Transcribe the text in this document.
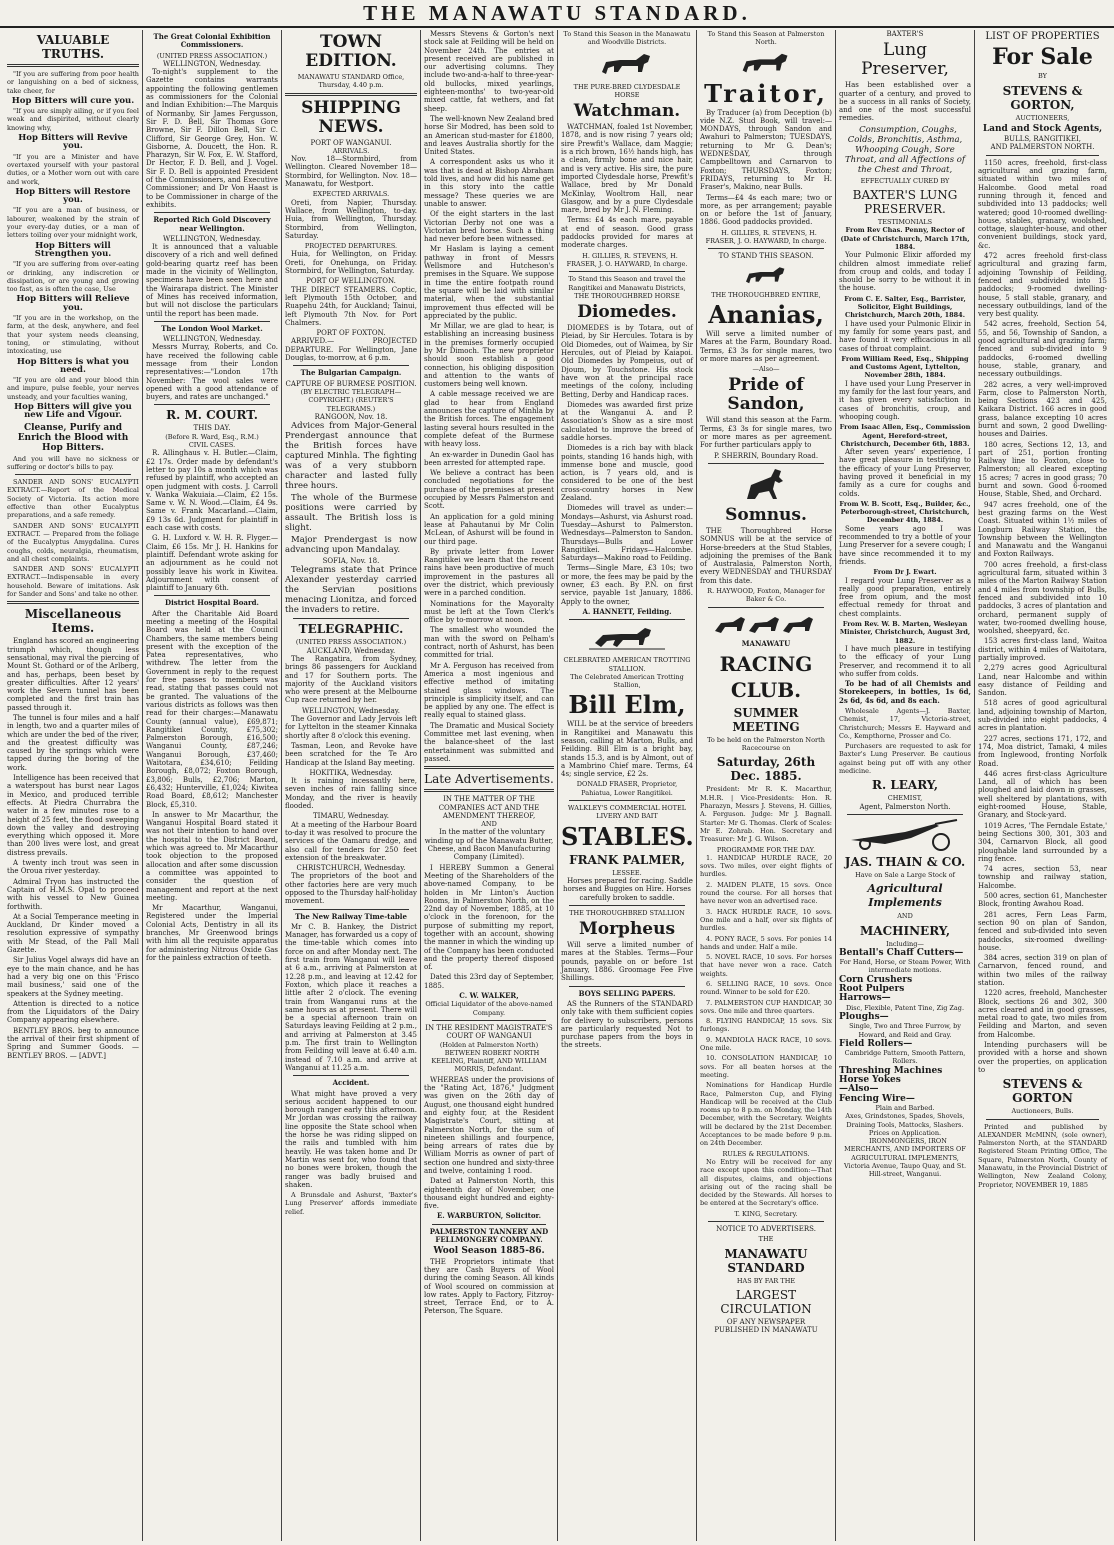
THE MANAWATU STANDARD.
VALUABLE TRUTHS.

"If you are suffering from poor health or languishing on a bed of sickness, take cheer, for

Hop Bitters will cure you.

"If you are simply ailing, or if you feel weak and dispirited, without clearly knowing why,

Hop Bitters will Revive you.

"If you are a Minister and have overtaxed yourself with your pastoral duties, or a Mother worn out with care and work,

Hop Bitters will Restore you.

"If you are a man of business, or labourer, weakened by the strain of your every-day duties, or a man of letters toiling over your midnight work,

Hop Bitters will Strengthen you.

"If you are suffering from over-eating or drinking, any indiscretion or dissipation, or are young and growing too fast, as is often the case, Use

Hop Bitters will Relieve you.

"If you are in the workshop, on the farm, at the desk, anywhere, and feel that your system needs cleansing, toning, or stimulating, without intoxicating, use

Hop Bitters is what you need.

"If you are old and your blood thin and impure, pulse feeble, your nerves unsteady, and your faculties waning,

Hop Bitters will give you new Life and Vigour.

Cleanse, Purify and Enrich the Blood with Hop Bitters.

And you will have no sickness or suffering or doctor's bills to pay.

SANDER AND SONS' EUCALYPTI EXTRACT.—Report of the Medical Society of Victoria. Its action more effective than other Eucalyptus preparations, and a safe remedy.

SANDER AND SONS' EUCALYPTI EXTRACT. — Prepared from the foliage of the Eucalyptus Amygdalina. Cures coughs, colds, neuralgia, rheumatism, and all chest complaints.

SANDER AND SONS' EUCALYPTI EXTRACT.—Indispensable in every household. Beware of imitations. Ask for Sander and Sons' and take no other.

Miscellaneous Items.

England has scored an engineering triumph which, though less sensational, may rival the piercing of Mount St. Gothard or of the Arlberg, and has, perhaps, been beset by greater difficulties. After 12 years' work the Severn tunnel has been completed and the first train has passed through it.

The tunnel is four miles and a half in length, two and a quarter miles of which are under the bed of the river, and the greatest difficulty was caused by the springs which were tapped during the boring of the work.

Intelligence has been received that a waterspout has burst near Lagos in Mexico, and produced terrible effects. At Piedra Churrabra the water in a few minutes rose to a height of 25 feet, the flood sweeping down the valley and destroying everything which opposed it. More than 200 lives were lost, and great distress prevails.

A twenty inch trout was seen in the Oroua river yesterday.

Admiral Tryon has instructed the Captain of H.M.S. Opal to proceed with his vessel to New Guinea forthwith.

At a Social Temperance meeting in Auckland, Dr Kinder moved a resolution expressive of sympathy with Mr Stead, of the Pall Mall Gazette.

Sir Julius Vogel always did have an eye to the main chance, and he has had a very big one on this 'Frisco mail business,' said one of the speakers at the Sydney meeting.

Attention is directed to a notice from the Liquidators of the Dairy Company appearing elsewhere.

BENTLEY BROS. beg to announce the arrival of their first shipment of Spring and Summer Goods. — BENTLEY BROS. — [ADVT.]

The Great Colonial Exhibition Commissioners.
(UNITED PRESS ASSOCIATION.)
WELLINGTON, Wednesday.

To-night's supplement to the Gazette contains warrants appointing the following gentlemen as commissioners for the Colonial and Indian Exhibition:—The Marquis of Normanby, Sir James Fergusson, Sir F. D. Bell, Sir Thomas Gore Browne, Sir F. Dillon Bell, Sir C. Clifford, Sir George Grey, Hon. W. Gisborne, A. Doucett, the Hon. R. Pharazyn, Sir W. Fox, E. W. Stafford, Dr Hector, F. D. Bell, and J. Vogel. Sir F. D. Bell is appointed President of the Commissioners, and Executive Commissioner; and Dr Von Haast is to be Commissioner in charge of the exhibits.

Reported Rich Gold Discovery near Wellington.
WELLINGTON, Wednesday.

It is announced that a valuable discovery of a rich and well defined gold-bearing quartz reef has been made in the vicinity of Wellington, specimens have been seen here and the Wairarapa district. The Minister of Mines has received information, but will not disclose the particulars until the report has been made.

The London Wool Market.
WELLINGTON, Wednesday.

Messrs Murray, Roberts, and Co. have received the following cable message from their London representatives:—"London 17th November: The wool sales were opened with a good attendance of buyers, and rates are unchanged."

R. M. COURT.
THIS DAY.
(Before R. Ward, Esq., R.M.)
CIVIL CASES.

R. Allinghaus v. H. Butler.—Claim, £2 17s. Order made by defendant's letter to pay 10s a month which was refused by plaintiff, who accepted an open judgment with costs. J. Carroll v. Wanka Wakuiaia.—Claim, £2 15s. Same v. W. N. Wood.—Claim, £4 9s. Same v. Frank Macarland.—Claim, £9 13s 6d. Judgment for plaintiff in each case with costs.

G. H. Luxford v. W. H. R. Flyger.—Claim, £6 15s. Mr J. H. Hankins for plaintiff. Defendant wrote asking for an adjournment as he could not possibly leave his work in Kiwitea. Adjournment with consent of plaintiff to January 6th.

District Hospital Board.

After the Charitable Aid Board meeting a meeting of the Hospital Board was held at the Council Chambers, the same members being present with the exception of the Patea representatives, who withdrew. The letter from the Government in reply to the request for free passes to members was read, stating that passes could not be granted. The valuations of the various districts as follows was then read for their charges:—Manawatu County (annual value), £69,871; Rangitikei County, £75,302; Palmerston Borough, £16,500; Wanganui County, £87,246; Wanganui Borough, £37,460; Waitotara, £34,610; Feilding Borough, £8,072; Foxton Borough, £3,806; Bulls, £2,706; Marton, £6,432; Hunterville, £1,024; Kiwitea Road Board, £8,612; Manchester Block, £5,310.

In answer to Mr Macarthur, the Wanganui Hospital Board stated it was not their intention to hand over the hospital to the District Board, which was agreed to. Mr Macarthur took objection to the proposed allocation and after some discussion a committee was appointed to consider the question of management and report at the next meeting.

Mr Macarthur, Wanganui, Registered under the Imperial Colonial Acts, Dentistry in all its branches, Mr Greenwood brings with him all the requisite apparatus for administering Nitrous Oxide Gas for the painless extraction of teeth.

TOWN EDITION.
MANAWATU STANDARD Office, Thursday, 4.40 p.m.
SHIPPING NEWS.
PORT OF WANGANUI.
ARRIVALS.

Nov. 18—Stormbird, from Wellington. Cleared November 18—Stormbird, for Wellington. Nov. 18—Manawatu, for Westport.

EXPECTED ARRIVALS.

Oreti, from Napier, Thursday. Wallace, from Wellington, to-day. Huia, from Wellington, Thursday. Stormbird, from Wellington, Saturday.

PROJECTED DEPARTURES.

Huia, for Wellington, on Friday. Oreti, for Onehunga, on Friday. Stormbird, for Wellington, Saturday.

PORT OF WELLINGTON.

THE DIRECT STEAMERS. Coptic, left Plymouth 15th October, and Ruapehu 24th, for Auckland; Tainui, left Plymouth 7th Nov. for Port Chalmers.

PORT OF FOXTON.

ARRIVED.— PROJECTED DEPARTURE. For Wellington, Jane Douglas, to-morrow, at 6 p.m.

The Bulgarian Campaign.
CAPTURE OF BURMESE POSITION.
(BY ELECTRIC TELEGRAPH—COPYRIGHT.) (REUTER'S TELEGRAMS.)
RANGOON, Nov. 18.

Advices from Major-General Prendergast announce that the British forces have captured Minhla. The fighting was of a very stubborn character and lasted fully three hours.

The whole of the Burmese positions were carried by assault. The British loss is slight.

Major Prendergast is now advancing upon Mandalay.

SOFIA, Nov. 18.

Telegrams state that Prince Alexander yesterday carried the Servian positions menacing Lionitza, and forced the invaders to retire.

TELEGRAPHIC.
(UNITED PRESS ASSOCIATION.)
AUCKLAND, Wednesday.

The Rangatira, from Sydney, brings 86 passengers for Auckland and 17 for Southern ports. The majority of the Auckland visitors who were present at the Melbourne Cup race returned by her.

WELLINGTON, Wednesday.

The Governor and Lady Jervois left for Lyttelton in the steamer Kinnaka shortly after 8 o'clock this evening.

Tasman, Leon, and Revoke have been scratched for the Te Aro Handicap at the Island Bay meeting.

HOKITIKA, Wednesday.

It is raining incessantly here, seven inches of rain falling since Monday, and the river is heavily flooded.

TIMARU, Wednesday.

At a meeting of the Harbour Board to-day it was resolved to procure the services of the Oamaru dredge, and also call for tenders for 250 feet extension of the breakwater.

CHRISTCHURCH, Wednesday.

The proprietors of the boot and other factories here are very much opposed to the Thursday half-holiday movement.

The New Railway Time-table

Mr C. B. Hankey, the District Manager, has forwarded us a copy of the time-table which comes into force on and after Monday next. The first train from Wanganui will leave at 6 a.m., arriving at Palmerston at 12.28 p.m., and leaving at 12.42 for Foxton, which place it reaches a little after 2 o'clock. The evening train from Wanganui runs at the same hours as at present. There will be a special afternoon train on Saturdays leaving Feilding at 2 p.m., and arriving at Palmerston at 3.45 p.m. The first train to Wellington from Feilding will leave at 6.40 a.m. instead of 7.10 a.m. and arrive at Wanganui at 11.25 a.m.

Accident.

What might have proved a very serious accident happened to our borough ranger early this afternoon. Mr Jordan was crossing the railway line opposite the State school when the horse he was riding slipped on the rails and tumbled with him heavily. He was taken home and Dr Martin was sent for, who found that no bones were broken, though the ranger was badly bruised and shaken.

A Brunsdale and Ashurst, 'Baxter's Lung Preserver' affords immediate relief.

Messrs Stevens & Gorton's next stock sale at Feilding will be held on November 24th. The entries at present received are published in our advertising columns. They include two-and-a-half to three-year-old bullocks, mixed yearlings, eighteen-months' to two-year-old mixed cattle, fat wethers, and fat sheep.

The well-known New Zealand bred horse Sir Modred, has been sold to an American stud-master for £1800, and leaves Australia shortly for the United States.

A correspondent asks us who it was that is dead at Bishop Abraham told lives, and how did his name get in this story into the cattle message? These queries we are unable to answer.

Of the eight starters in the last Victorian Derby not one was a Victorian bred horse. Such a thing had never before been witnessed.

Mr Haslam is laying a cement pathway in front of Messrs Wellsmore and Hutcheson's premises in the Square. We suppose in time the entire footpath round the square will be laid with similar material, when the substantial improvement thus effected will be appreciated by the public.

Mr Millar, we are glad to hear, is establishing an increasing business in the premises formerly occupied by Mr Dimoch. The new proprietor should soon establish a good connection, his obliging disposition and attention to the wants of customers being well known.

A cable message received we are glad to hear from England announces the capture of Minhla by the British forces. The engagement lasting several hours resulted in the complete defeat of the Burmese with heavy loss.

An ex-warder in Dunedin Gaol has been arrested for attempted rape.

We believe a contract has been concluded negotiations for the purchase of the premises at present occupied by Messrs Palmerston and Scott.

An application for a gold mining lease at Pahautanui by Mr Colin McLean, of Ashurst will be found in our third page.

By private letter from Lower Rangitikei we learn that the recent rains have been productive of much improvement in the pastures all over the district, which previously were in a parched condition.

Nominations for the Mayoralty must be left at the Town Clerk's office by to-morrow at noon.

The smallest who wounded the man with the sword on Pelham's contract, north of Ashurst, has been committed for trial.

Mr A. Ferguson has received from America a most ingenious and effective method of imitating stained glass windows. The principle is simplicity itself, and can be applied by any one. The effect is really equal to stained glass.

The Dramatic and Musical Society Committee met last evening, when the balance-sheet of the last entertainment was submitted and passed.

Late Advertisements.
IN THE MATTER OF THE COMPANIES ACT AND THE AMENDMENT THEREOF,
AND

In the matter of the voluntary winding up of the Manawatu Butter, Cheese, and Bacon Manufacturing Company (Limited).

I HEREBY Summon a General Meeting of the Shareholders of the above-named Company, to be holden in Mr Linton's Auction Rooms, in Palmerston North, on the 22nd day of November, 1885, at 10 o'clock in the forenoon, for the purpose of submitting my report, together with an account, showing the manner in which the winding up of the Company has been conducted and the property thereof disposed of.

Dated this 23rd day of September, 1885.

C. W. WALKER,
Official Liquidator of the above-named Company.
IN THE RESIDENT MAGISTRATE'S COURT OF WANGANUI
(Holden at Palmerston North)

BETWEEN ROBERT NORTH KEELING, Plaintiff, AND WILLIAM MORRIS, Defendant.

WHEREAS under the provisions of the "Rating Act, 1876," Judgment was given on the 26th day of August, one thousand eight hundred and eighty four, at the Resident Magistrate's Court, sitting at Palmerston North, for the sum of nineteen shillings and fourpence, being arrears of rates due by William Morris as owner of part of section one hundred and sixty-three and twelve, containing 1 rood.

Dated at Palmerston North, this eighteenth day of November, one thousand eight hundred and eighty-five.

E. WARBURTON, Solicitor.
PALMERSTON TANNERY AND FELLMONGERY COMPANY.
Wool Season 1885-86.

THE Proprietors intimate that they are Cash Buyers of Wool during the coming Season. All kinds of Wool scoured on commission at low rates. Apply to Factory, Fitzroy-street, Terrace End, or to A. Peterson, The Square.

To Stand this Season in the Manawatu and Woodville Districts.
THE PURE-BRED CLYDESDALE HORSE
Watchman.

WATCHMAN, foaled 1st November, 1878, and is now rising 7 years old; sire Prewfit's Wallace, dam Maggie; is a rich brown, 16½ hands high, has a clean, firmly bone and nice hair, and is very active. His sire, the pure imported Clydesdale horse, Prewfit's Wallace, bred by Mr Donald McKinlay, Wooltrom Hall, near Glasgow, and by a pure Clydesdale mare, bred by Mr J. N. Fleming.

Terms: £4 4s each mare, payable at end of season. Good grass paddocks provided for mares at moderate charges.

H. GILLIES, R. STEVENS, H. FRASER, J. O. HAYWARD, In charge.

To Stand this Season and travel the Rangitikei and Manawatu Districts,
THE THOROUGHBRED HORSE
Diomedes.

DIOMEDES is by Totara, out of Pleiad, by Sir Hercules. Totara is by Old Diomedes, out of Waimea, by Sir Hercules, out of Pleiad by Kaiapoi. Old Diomedes by Pompeius, out of Djoum, by Touchstone. His stock have won at the principal race meetings of the colony, including Betting, Derby and Handicap races.

Diomedes was awarded first prize at the Wanganui A. and P. Association's Show as a sire most calculated to improve the breed of saddle horses.

Diomedes is a rich bay with black points, standing 16 hands high, with immense bone and muscle, good action, is 7 years old, and is considered to be one of the best cross-country horses in New Zealand.

Diomedes will travel as under:— Mondays—Ashurst, via Ashurst road. Tuesday—Ashurst to Palmerston. Wednesdays—Palmerston to Sandon. Thursdays—Bulls and Lower Rangitikei. Fridays—Halcombe. Saturdays—Makino road to Feilding.

Terms—Single Mare, £3 10s; two or more, the fees may be paid by the owner, £3 each. By P.N. on first service, payable 1st January, 1886. Apply to the owner,

A. HANNETT, Feilding.
CELEBRATED AMERICAN TROTTING STALLION.
The Celebrated American Trotting Stallion,
Bill Elm,

WILL be at the service of breeders in Rangitikei and Manawatu this season, calling at Marton, Bulls, and Feilding. Bill Elm is a bright bay, stands 15.3, and is by Almont, out of a Mambrino Chief mare. Terms, £4 4s; single service, £2 2s.

DONALD FRASER, Proprietor, Pahiatua, Lower Rangitikei.
WALKLEY'S COMMERCIAL HOTEL LIVERY AND BAIT
STABLES.
FRANK PALMER,
LESSEE.

Horses prepared for racing. Saddle horses and Buggies on Hire. Horses carefully broken to saddle.

THE THOROUGHBRED STALLION
Morpheus

Will serve a limited number of mares at the Stables. Terms—Four pounds, payable on or before 1st January, 1886. Groomage Fee Five Shillings.

BOYS SELLING PAPERS.

AS the Runners of the STANDARD only take with them sufficient copies for delivery to subscribers, persons are particularly requested Not to purchase papers from the boys in the streets.

To Stand this Season at Palmerston North.
Traitor,

By Traducer (a) from Deception (b) vide N.Z. Stud Book, will travel:—MONDAYS, through Sandon and Awahuri to Palmerston; TUESDAYS, returning to Mr G. Dean's; WEDNESDAY, through Campbelltown and Carnarvon to Foxton; THURSDAYS, Foxton; FRIDAYS, returning to Mr H. Fraser's, Makino, near Bulls.

Terms—£4 4s each mare; two or more, as per arrangement; payable on or before the 1st of January, 1886. Good paddocks provided.

H. GILLIES, R. STEVENS, H. FRASER, J. O. HAYWARD, In charge.

TO STAND THIS SEASON.
THE THOROUGHBRED ENTIRE,
Ananias,

Will serve a limited number of Mares at the Farm, Boundary Road. Terms, £3 3s for single mares, two or more mares as per agreement.

—Also—
Pride of Sandon,

Will stand this season at the Farm. Terms, £3 3s for single mares, two or more mares as per agreement. For further particulars apply to

P. SHERRIN, Boundary Road.
Somnus.

THE Thoroughbred Horse SOMNUS will be at the service of Horse-breeders at the Stud Stables, adjoining the premises of the Bank of Australasia, Palmerston North, every WEDNESDAY and THURSDAY from this date.

R. HAYWOOD, Foxton, Manager for Baker & Co.
MANAWATU
RACING CLUB.
SUMMER MEETING
To be held on the Palmerston North Racecourse on
Saturday, 26th Dec. 1885.

President: Mr R. K. Macarthur, M.H.R. | Vice-Presidents: Hon. R. Pharazyn, Messrs J. Stevens, H. Gillies, A. Ferguson. Judge: Mr J. Bagnall. Starter: Mr G. Thomas. Clerk of Scales: Mr E. Zohrab. Hon. Secretary and Treasurer: Mr J. G. Wilson.

PROGRAMME FOR THE DAY.

1. HANDICAP HURDLE RACE, 20 sovs. Two miles, over eight flights of hurdles.

2. MAIDEN PLATE, 15 sovs. Once round the course. For all horses that have never won an advertised race.

3. HACK HURDLE RACE, 10 sovs. One mile and a half, over six flights of hurdles.

4. PONY RACE, 5 sovs. For ponies 14 hands and under. Half a mile.

5. NOVEL RACE, 10 sovs. For horses that have never won a race. Catch weights.

6. SELLING RACE, 10 sovs. Once round. Winner to be sold for £20.

7. PALMERSTON CUP HANDICAP, 30 sovs. One mile and three quarters.

8. FLYING HANDICAP, 15 sovs. Six furlongs.

9. MANDIOLA HACK RACE, 10 sovs. One mile.

10. CONSOLATION HANDICAP, 10 sovs. For all beaten horses at the meeting.

Nominations for Handicap Hurdle Race, Palmerston Cup, and Flying Handicap will be received at the Club rooms up to 8 p.m. on Monday, the 14th December, with the Secretary. Weights will be declared by the 21st December. Acceptances to be made before 9 p.m. on 24th December.

RULES & REGULATIONS.

No Entry will be received for any race except upon this condition:—That all disputes, claims, and objections arising out of the racing shall be decided by the Stewards. All horses to be entered at the Secretary's office.

T. KING, Secretary.
NOTICE TO ADVERTISERS.
THE
MANAWATU STANDARD
HAS BY FAR THE
LARGEST CIRCULATION
OF ANY NEWSPAPER
PUBLISHED IN MANAWATU
BAXTER'S
Lung Preserver,

Has been established over a quarter of a century, and proved to be a success in all ranks of Society, and one of the most successful remedies.

Consumption, Coughs, Colds, Bronchitis, Asthma, Whooping Cough, Sore Throat, and all Affections of the Chest and Throat,

EFFECTUALLY CURED BY
BAXTER'S LUNG PRESERVER.
TESTIMONIALS
From Rev Chas. Penny, Rector of (Date of Christchurch, March 17th, 1884.

Your Pulmonic Elixir afforded my children almost immediate relief from croup and colds, and today I should be sorry to be without it in the house.

From C. E. Salter, Esq., Barrister, Solicitor, Eight Buildings, Christchurch, March 20th, 1884.

I have used your Pulmonic Elixir in my family for some years past, and have found it very efficacious in all cases of throat complaint.

From William Reed, Esq., Shipping and Customs Agent, Lyttelton, November 28th, 1884.

I have used your Lung Preserver in my family for the last four years, and it has given every satisfaction in cases of bronchitis, croup, and whooping cough.

From Isaac Allen, Esq., Commission Agent, Hereford-street, Christchurch, December 6th, 1883.

After seven years' experience, I have great pleasure in testifying to the efficacy of your Lung Preserver, having proved it beneficial in my family as a cure for coughs and colds.

From W. B. Scott, Esq., Builder, &c., Peterborough-street, Christchurch, December 4th, 1884.

Some years ago I was recommended to try a bottle of your Lung Preserver for a severe cough; I have since recommended it to my friends.

From Dr J. Ewart.

I regard your Lung Preserver as a really good preparation, entirely free from opium, and the most effectual remedy for throat and chest complaints.

From Rev. W. B. Marten, Wesleyan Minister, Christchurch, August 3rd, 1882.

I have much pleasure in testifying to the efficacy of your Lung Preserver, and recommend it to all who suffer from colds.

To be had of all Chemists and Storekeepers, in bottles, 1s 6d, 2s 6d, 4s 6d, and 8s each.

Wholesale Agents—J. Baxter, Chemist, 17, Victoria-street, Christchurch; Messrs E. Hayward and Co., Kempthorne, Prosser and Co.

Purchasers are requested to ask for Baxter's Lung Preserver. Be cautious against being put off with any other medicine.

R. LEARY,
CHEMIST,
Agent, Palmerston North.
JAS. THAIN & CO.
Have on Sale a Large Stock of
Agricultural Implements
AND
MACHINERY,
Including—
Bentall's Chaff Cutters—
For Hand, Horse, or Steam Power, With intermediate motions.
Corn Crushers
Root Pulpers
Harrows—
Disc, Flexible, Patent Tine, Zig Zag.
Ploughs—
Single, Two and Three Furrow, by Howard, and Reid and Gray.
Field Rollers—
Cambridge Pattern, Smooth Pattern, Rollers.
Threshing Machines
Horse Yokes
—Also—
Fencing Wire—
Plain and Barbed.
Axes, Grindstones, Spades, Shovels, Draining Tools, Mattocks, Slashers.
Prices on Application.

IRONMONGERS, IRON MERCHANTS, AND IMPORTERS OF AGRICULTURAL IMPLEMENTS, Victoria Avenue, Taupo Quay, and St. Hill-street, Wanganui.

LIST OF PROPERTIES
For Sale
BY
STEVENS & GORTON,
AUCTIONEERS,
Land and Stock Agents,
BULLS, RANGITIKEI,
AND PALMERSTON NORTH.

1150 acres, freehold, first-class agricultural and grazing farm, situated within two miles of Halcombe. Good metal road running through it, fenced and subdivided into 13 paddocks; well watered; good 10-roomed dwelling-house, stables, granary, woolshed, cottage, slaughter-house, and other convenient buildings, stock yard, &c.

472 acres freehold first-class agricultural and grazing farm, adjoining Township of Feilding, fenced and subdivided into 15 paddocks; 9-roomed dwelling-house, 5 stall stable, granary, and necessary outbuildings, land of the very best quality.

542 acres, freehold, Section 54, 55, and 56, Township of Sandon, a good agricultural and grazing farm; fenced and sub-divided into 9 paddocks, 6-roomed dwelling house, stable, granary, and necessary outbuildings.

282 acres, a very well-improved Farm, close to Palmerston North, being Sections 423 and 425, Kaikara District. 166 acres in good grass, balance excepting 10 acres burnt and sown, 2 good Dwelling-houses and Dairies.

180 acres, Sections 12, 13, and part of 251, portion fronting Railway line to Foxton, close to Palmerston; all cleared excepting 15 acres; 7 acres in good grass; 70 burnt and sown. Good 6-roomed House, Stable, Shed, and Orchard.

947 acres freehold, one of the best grazing farms on the West Coast. Situated within 1½ miles of Longburn Railway Station, the Township between the Wellington and Manawatu and the Wanganui and Foxton Railways.

700 acres freehold, a first-class agricultural farm, situated within 3 miles of the Marton Railway Station and 4 miles from township of Bulls, fenced and subdivided into 10 paddocks, 3 acres of plantation and orchard, permanent supply of water, two-roomed dwelling house, woolshed, sheepyard, &c.

153 acres first-class land, Waitoa district, within 4 miles of Waitotara, partially improved.

2,279 acres good Agricultural Land, near Halcombe and within easy distance of Feilding and Sandon.

518 acres of good agricultural land, adjoining township of Marton, sub-divided into eight paddocks, 4 acres in plantation.

227 acres, sections 171, 172, and 174, Moa district, Tamaki, 4 miles from Inglewood, fronting Norfolk Road.

446 acres first-class Agriculture Land, all of which has been ploughed and laid down in grasses, well sheltered by plantations, with eight-roomed House, Stable, Granary, and Stock-yard.

1019 Acres, 'The Ferndale Estate,' being Sections 300, 301, 303 and 304, Carnarvon Block, all good ploughable land surrounded by a ring fence.

74 acres, section 53, near township and railway station, Halcombe.

500 acres, section 61, Manchester Block, fronting Awahou Road.

281 acres, Fern Leas Farm, section 90 on plan of Sandon, fenced and sub-divided into seven paddocks, six-roomed dwelling-house.

384 acres, section 319 on plan of Carnarvon, fenced round, and within two miles of the railway station.

1220 acres, freehold, Manchester Block, sections 26 and 302, 300 acres cleared and in good grasses, metal road to gate, two miles from Feilding and Marton, and seven from Halcombe.

Intending purchasers will be provided with a horse and shown over the properties, on application to

STEVENS & GORTON
Auctioneers, Bulls.

Printed and published by ALEXANDER McMINN, (sole owner), Palmerston North, at the STANDARD Registered Steam Printing Office, The Square, Palmerston North, County of Manawatu, in the Provincial District of Wellington, New Zealand Colony, Proprietor, NOVEMBER 19, 1885
